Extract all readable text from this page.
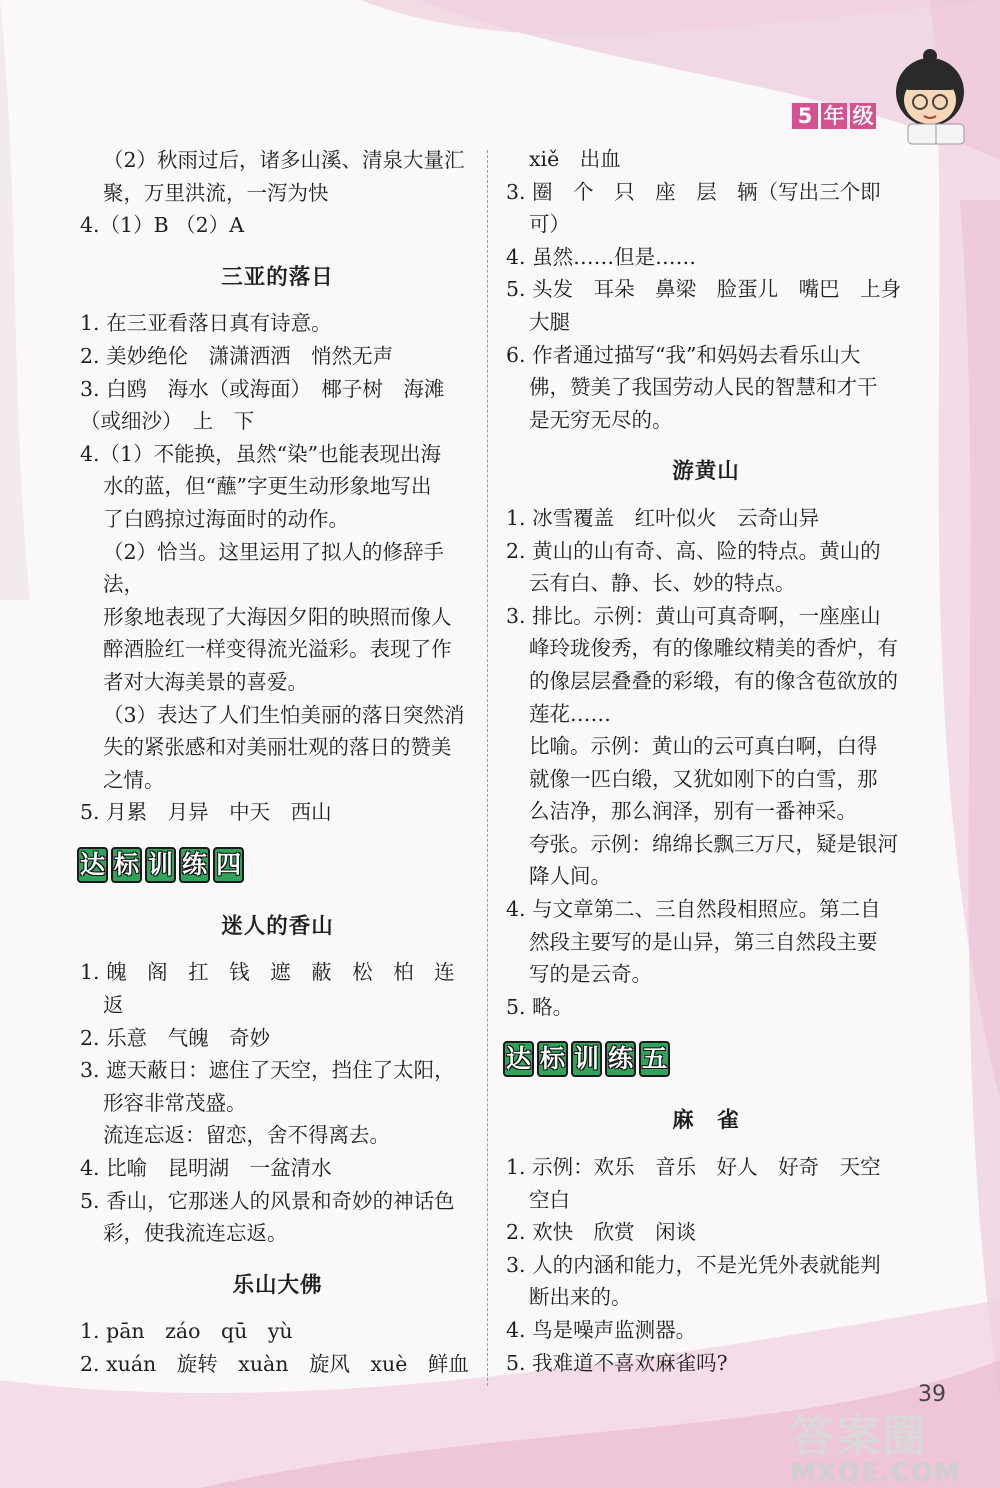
5 年 级
（2）秋雨过后，诸多山溪、清泉大量汇
聚，万里洪流，一泻为快
4.（1）B （2）A
三亚的落日
1. 在三亚看落日真有诗意。
2. 美妙绝伦　潇潇洒洒　悄然无声
3. 白鸥　海水（或海面）　椰子树　海滩
（或细沙）　上　下
4.（1）不能换，虽然“染”也能表现出海
水的蓝，但“蘸”字更生动形象地写出
了白鸥掠过海面时的动作。
（2）恰当。这里运用了拟人的修辞手法，
形象地表现了大海因夕阳的映照而像人
醉酒脸红一样变得流光溢彩。表现了作
者对大海美景的喜爱。
（3）表达了人们生怕美丽的落日突然消
失的紧张感和对美丽壮观的落日的赞美
之情。
5. 月累　月异　中天　西山
达 标 训 练 四
迷人的香山
1. 魄　阁　扛　钱　遮　蔽　松　柏　连
返
2. 乐意　气魄　奇妙
3. 遮天蔽日：遮住了天空，挡住了太阳，
形容非常茂盛。
流连忘返：留恋，舍不得离去。
4. 比喻　昆明湖　一盆清水
5. 香山，它那迷人的风景和奇妙的神话色
彩，使我流连忘返。
乐山大佛
1. pān　záo　qū　yù
2. xuán　旋转　xuàn　旋风　xuè　鲜血
xiě　出血
3. 圈　个　只　座　层　辆（写出三个即
可）
4. 虽然……但是……
5. 头发　耳朵　鼻梁　脸蛋儿　嘴巴　上身
大腿
6. 作者通过描写“我”和妈妈去看乐山大
佛，赞美了我国劳动人民的智慧和才干
是无穷无尽的。
游黄山
1. 冰雪覆盖　红叶似火　云奇山异
2. 黄山的山有奇、高、险的特点。黄山的
云有白、静、长、妙的特点。
3. 排比。示例：黄山可真奇啊，一座座山
峰玲珑俊秀，有的像雕纹精美的香炉，有
的像层层叠叠的彩缎，有的像含苞欲放的
莲花……
比喻。示例：黄山的云可真白啊，白得
就像一匹白缎，又犹如刚下的白雪，那
么洁净，那么润泽，别有一番神采。
夸张。示例：绵绵长飘三万尺，疑是银河
降人间。
4. 与文章第二、三自然段相照应。第二自
然段主要写的是山异，第三自然段主要
写的是云奇。
5. 略。
达 标 训 练 五
麻　雀
1. 示例：欢乐　音乐　好人　好奇　天空
空白
2. 欢快　欣赏　闲谈
3. 人的内涵和能力，不是光凭外表就能判
断出来的。
4. 鸟是噪声监测器。
5. 我难道不喜欢麻雀吗?
39
答案圈
MXQE.COM
